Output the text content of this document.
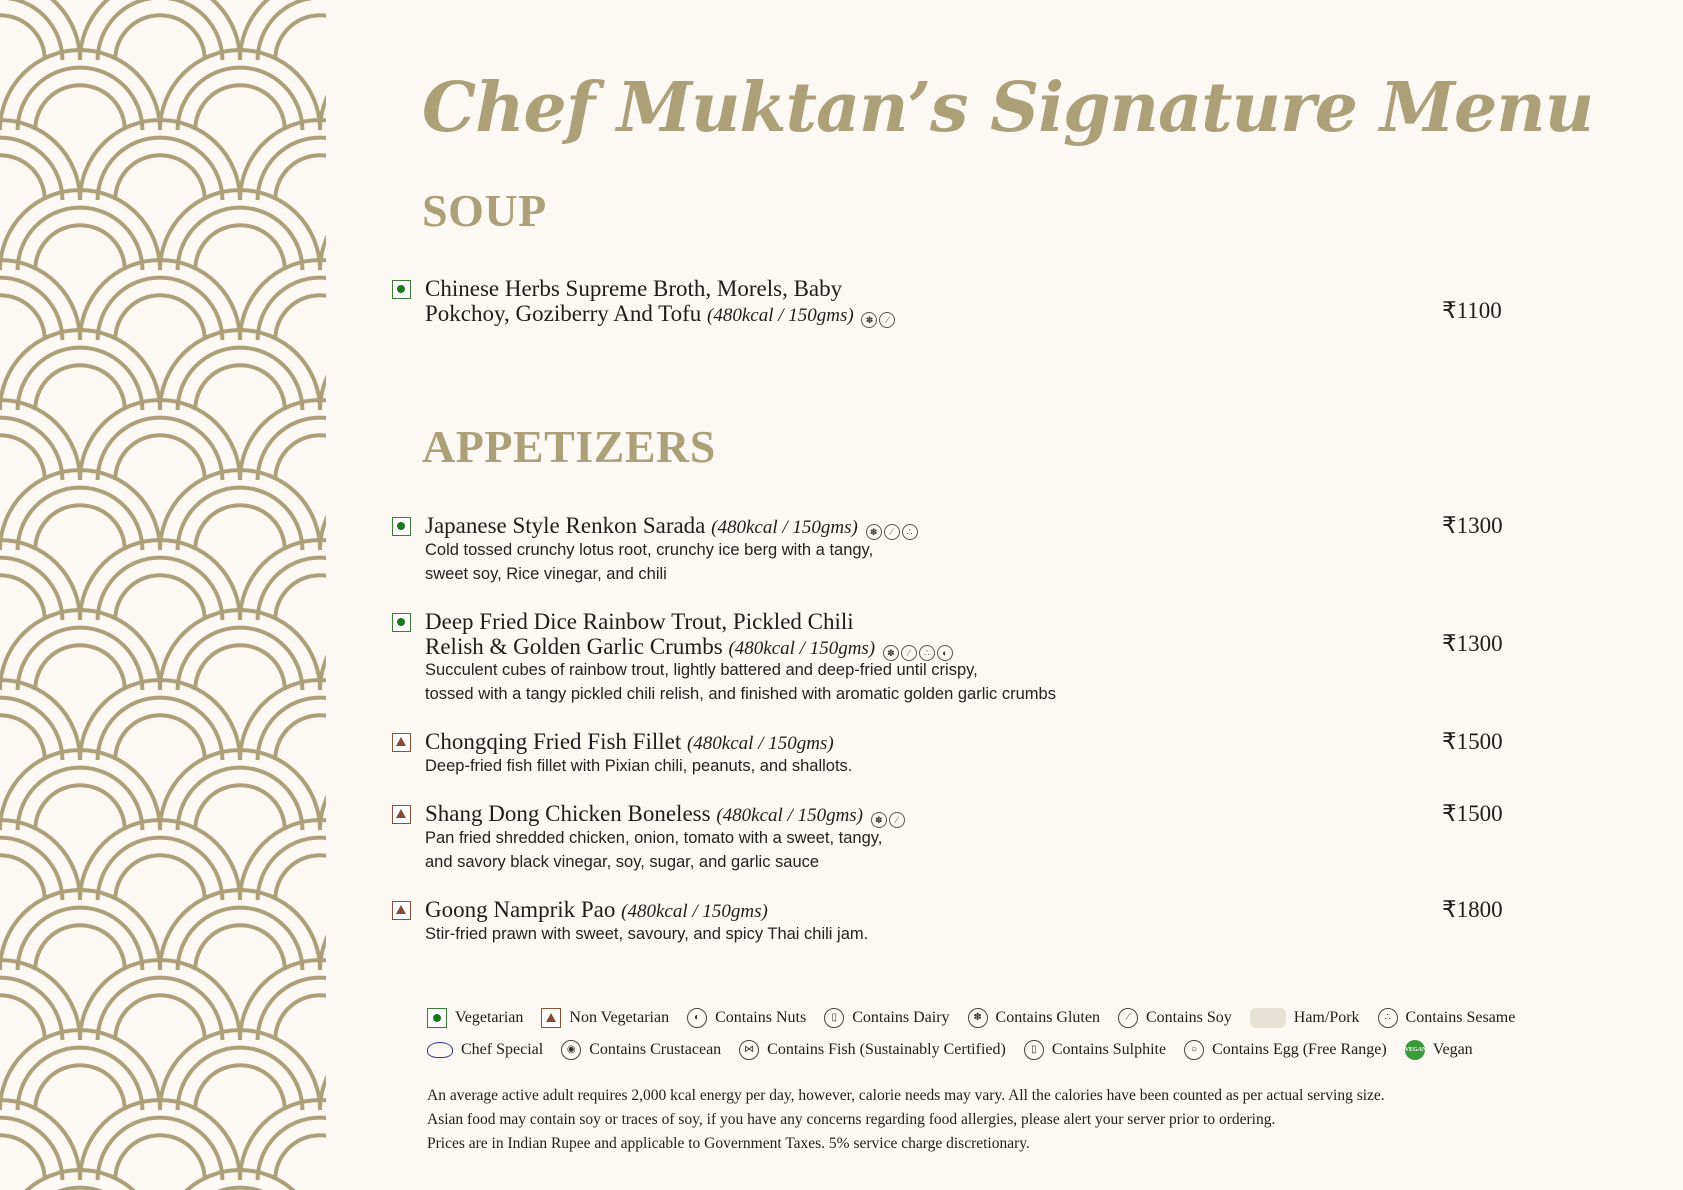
Chef Muktan’s Signature Menu
SOUP
Chinese Herbs Supreme Broth, Morels, Baby
Pokchoy, Goziberry And Tofu (480kcal / 150gms) ✽ ⁄	₹1100
APPETIZERS
Japanese Style Renkon Sarada (480kcal / 150gms) ✽ ⁄ ∴
Cold tossed crunchy lotus root, crunchy ice berg with a tangy,
sweet soy, Rice vinegar, and chili
₹1300
Deep Fried Dice Rainbow Trout, Pickled Chili
Relish & Golden Garlic Crumbs (480kcal / 150gms) ✽ ⁄ ∴ ◐
Succulent cubes of rainbow trout, lightly battered and deep-fried until crispy,
tossed with a tangy pickled chili relish, and finished with aromatic golden garlic crumbs
₹1300
Chongqing Fried Fish Fillet (480kcal / 150gms)
Deep-fried fish fillet with Pixian chili, peanuts, and shallots.
₹1500
Shang Dong Chicken Boneless (480kcal / 150gms) ✽ ⁄
Pan fried shredded chicken, onion, tomato with a sweet, tangy,
and savory black vinegar, soy, sugar, and garlic sauce
₹1500
Goong Namprik Pao (480kcal / 150gms)
Stir-fried prawn with sweet, savoury, and spicy Thai chili jam.
₹1800
Vegetarian	Non Vegetarian	◐ Contains Nuts	▯ Contains Dairy	✽ Contains Gluten	⁄	Contains Soy	Ham/Pork	∴ Contains Sesame
Chef Special	◉ Contains Crustacean	⋈ Contains Fish (Sustainably Certified)	▯ Contains Sulphite	○ Contains Egg (Free Range)	VEGAN Vegan
An average active adult requires 2,000 kcal energy per day, however, calorie needs may vary. All the calories have been counted as per actual serving size.
Asian food may contain soy or traces of soy, if you have any concerns regarding food allergies, please alert your server prior to ordering.
Prices are in Indian Rupee and applicable to Government Taxes. 5% service charge discretionary.
